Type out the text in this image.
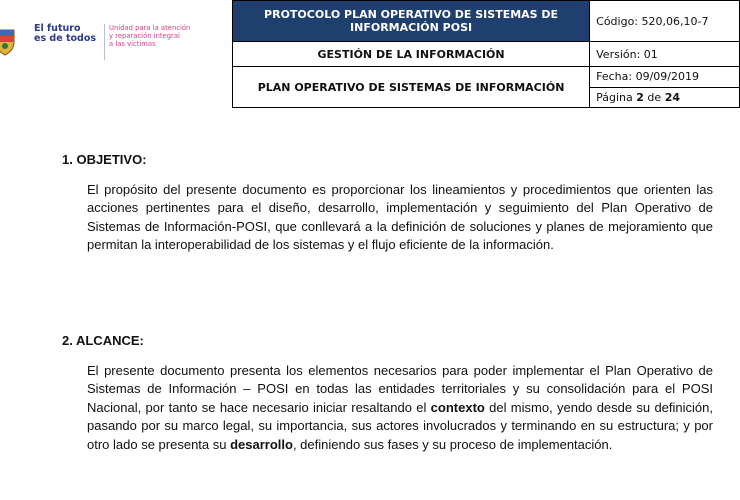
El futuro
es de todos
Unidad para la atención
y reparación integral
a las víctimas
PROTOCOLO PLAN OPERATIVO DE SISTEMAS DE
INFORMACIÓN POSI	Código: 520,06,10-7
GESTIÓN DE LA INFORMACIÓN	Versión: 01
PLAN OPERATIVO DE SISTEMAS DE INFORMACIÓN	Fecha: 09/09/2019
	Página 2 de 24
1. OBJETIVO:
El propósito del presente documento es proporcionar los lineamientos y procedimientos que orienten las acciones pertinentes para el diseño, desarrollo, implementación y seguimiento del Plan Operativo de Sistemas de Información-POSI, que conllevará a la definición de soluciones y planes de mejoramiento que permitan la interoperabilidad de los sistemas y el flujo eficiente de la información.
2. ALCANCE:
El presente documento presenta los elementos necesarios para poder implementar el Plan Operativo de Sistemas de Información – POSI en todas las entidades territoriales y su consolidación para el POSI Nacional, por tanto se hace necesario iniciar resaltando el contexto del mismo, yendo desde su definición, pasando por su marco legal, su importancia, sus actores involucrados y terminando en su estructura; y por otro lado se presenta su desarrollo, definiendo sus fases y su proceso de implementación.
